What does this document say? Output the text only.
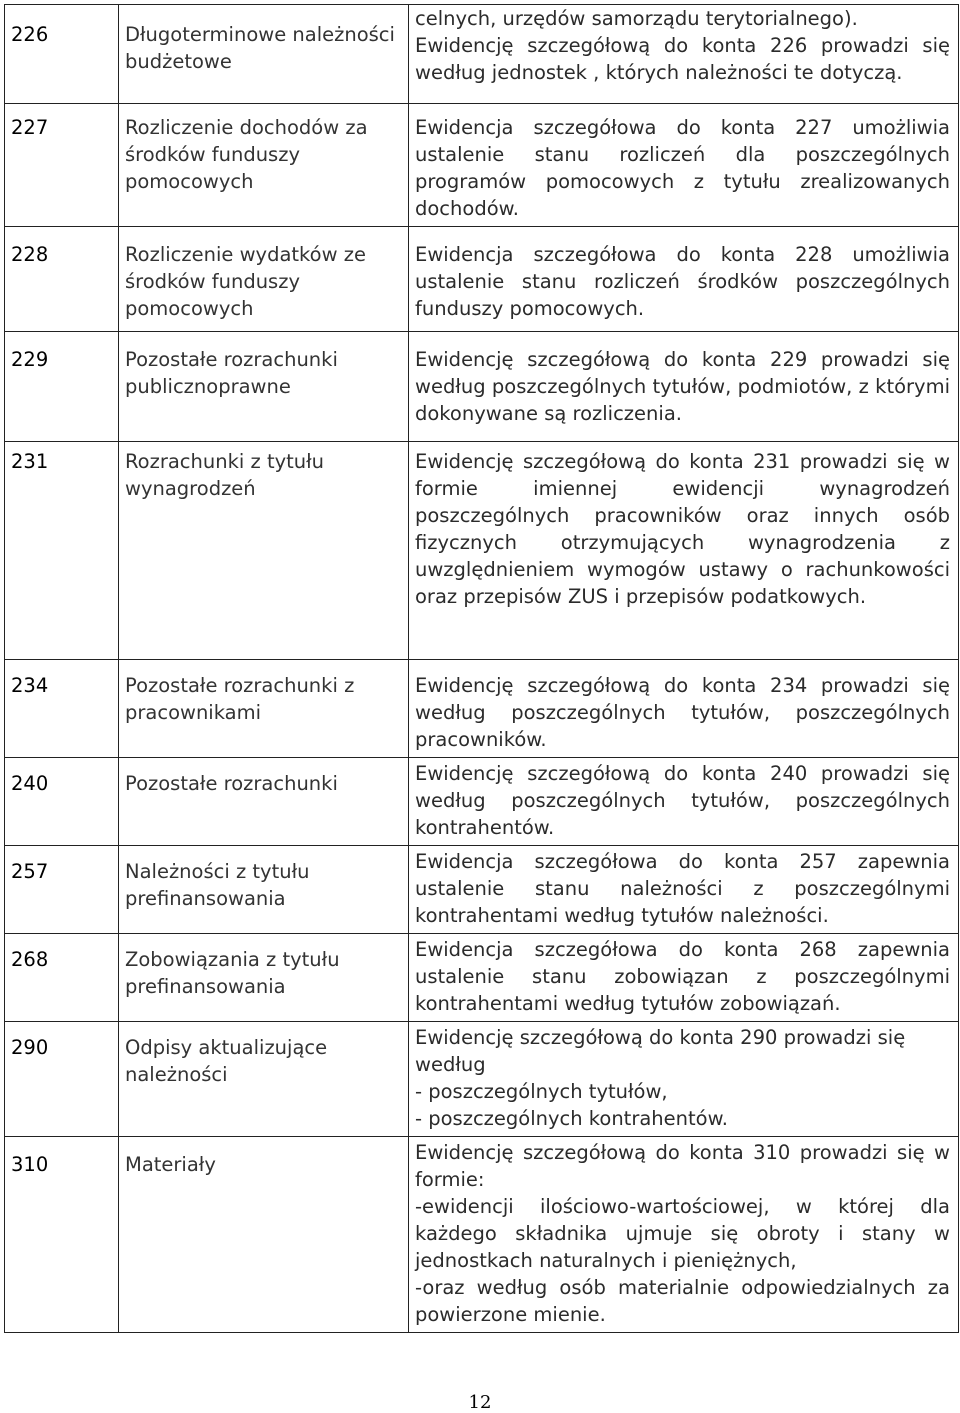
226	Długoterminowe należności budżetowe	celnych, urzędów samorządu terytorialnego).
Ewidencję szczegółową do konta 226 prowadzi się według jednostek , których należności te dotyczą.

227	Rozliczenie dochodów za środków funduszy pomocowych	Ewidencja szczegółowa do konta 227 umożliwia ustalenie stanu rozliczeń dla poszczególnych programów pomocowych z tytułu zrealizowanych dochodów.

228	Rozliczenie wydatków ze środków funduszy pomocowych	Ewidencja szczegółowa do konta 228 umożliwia ustalenie stanu rozliczeń środków poszczególnych funduszy pomocowych.

229	Pozostałe rozrachunki publicznoprawne	Ewidencję szczegółową do konta 229 prowadzi się według poszczególnych tytułów, podmiotów, z którymi dokonywane są rozliczenia.

231	Rozrachunki z tytułu wynagrodzeń	Ewidencję szczegółową do konta 231 prowadzi się w formie imiennej ewidencji wynagrodzeń poszczególnych pracowników oraz innych osób fizycznych otrzymujących wynagrodzenia z uwzględnieniem wymogów ustawy o rachunkowości oraz przepisów ZUS i przepisów podatkowych.

234	Pozostałe rozrachunki z pracownikami	Ewidencję szczegółową do konta 234 prowadzi się według poszczególnych tytułów, poszczególnych pracowników.

240	Pozostałe rozrachunki	Ewidencję szczegółową do konta 240 prowadzi się według poszczególnych tytułów, poszczególnych kontrahentów.

257	Należności z tytułu prefinansowania	Ewidencja szczegółowa do konta 257 zapewnia ustalenie stanu należności z poszczególnymi kontrahentami według tytułów należności.

268	Zobowiązania z tytułu prefinansowania	Ewidencja szczegółowa do konta 268 zapewnia ustalenie stanu zobowiązan z poszczególnymi kontrahentami według tytułów zobowiązań.

290	Odpisy aktualizujące należności	Ewidencję szczegółową do konta 290 prowadzi się według
- poszczególnych tytułów,
- poszczególnych kontrahentów.

310	Materiały	Ewidencję szczegółową do konta 310 prowadzi się w formie:
-ewidencji ilościowo-wartościowej, w której dla każdego składnika ujmuje się obroty i stany w jednostkach naturalnych i pieniężnych,
-oraz według osób materialnie odpowiedzialnych za powierzone mienie.
12
